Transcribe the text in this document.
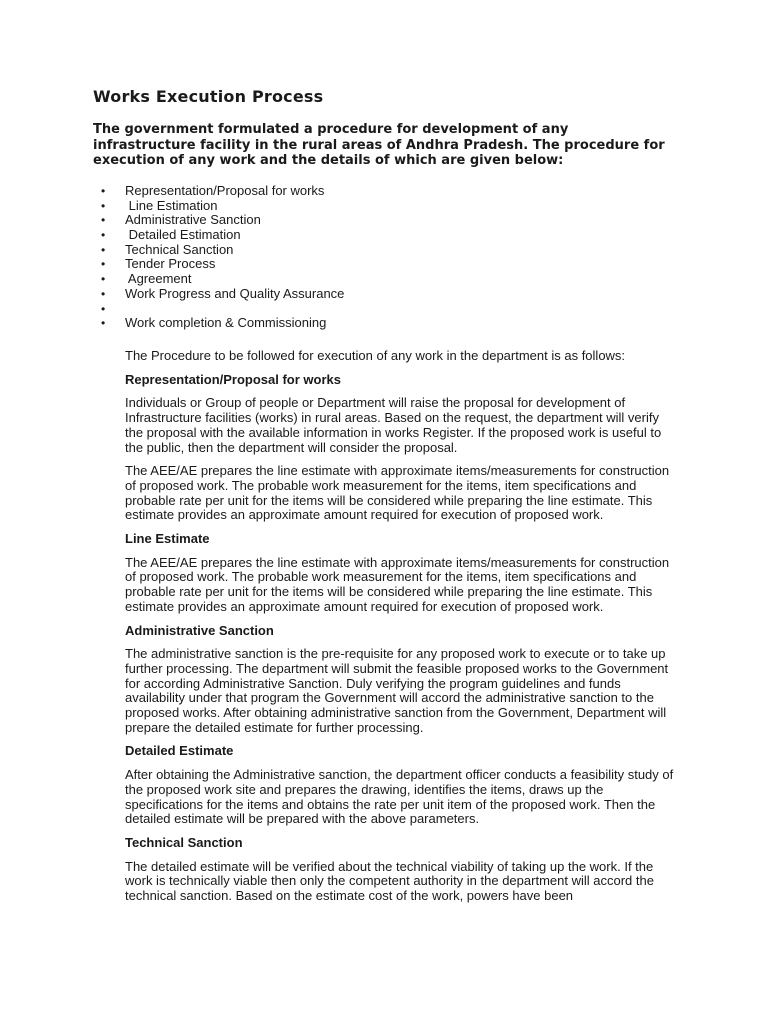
Works Execution Process

The government formulated a procedure for development of any infrastructure facility in the rural areas of Andhra Pradesh. The procedure for execution of any work and the details of which are given below:

• Representation/Proposal for works
• Line Estimation
• Administrative Sanction
• Detailed Estimation
• Technical Sanction
• Tender Process
• Agreement
• Work Progress and Quality Assurance
•
• Work completion & Commissioning

The Procedure to be followed for execution of any work in the department is as follows:

Representation/Proposal for works

Individuals or Group of people or Department will raise the proposal for development of Infrastructure facilities (works) in rural areas. Based on the request, the department will verify the proposal with the available information in works Register. If the proposed work is useful to the public, then the department will consider the proposal.

The AEE/AE prepares the line estimate with approximate items/measurements for construction of proposed work. The probable work measurement for the items, item specifications and probable rate per unit for the items will be considered while preparing the line estimate. This estimate provides an approximate amount required for execution of proposed work.

Line Estimate

The AEE/AE prepares the line estimate with approximate items/measurements for construction of proposed work. The probable work measurement for the items, item specifications and probable rate per unit for the items will be considered while preparing the line estimate. This estimate provides an approximate amount required for execution of proposed work.

Administrative Sanction

The administrative sanction is the pre-requisite for any proposed work to execute or to take up further processing. The department will submit the feasible proposed works to the Government for according Administrative Sanction. Duly verifying the program guidelines and funds availability under that program the Government will accord the administrative sanction to the proposed works. After obtaining administrative sanction from the Government, Department will prepare the detailed estimate for further processing.

Detailed Estimate

After obtaining the Administrative sanction, the department officer conducts a feasibility study of the proposed work site and prepares the drawing, identifies the items, draws up the specifications for the items and obtains the rate per unit item of the proposed work. Then the detailed estimate will be prepared with the above parameters.

Technical Sanction

The detailed estimate will be verified about the technical viability of taking up the work. If the work is technically viable then only the competent authority in the department will accord the technical sanction. Based on the estimate cost of the work, powers have been
